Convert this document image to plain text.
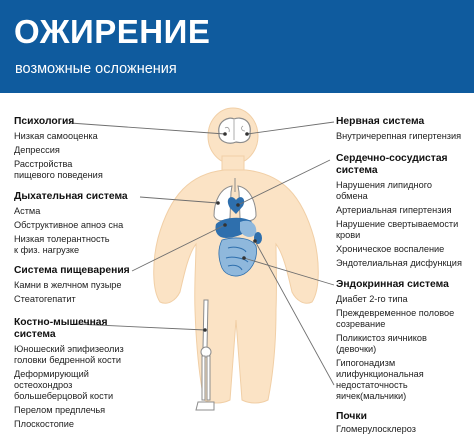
ОЖИРЕНИЕ
возможные осложнения
Психология
Низкая самооценка
Депрессия
Расстройства
пищевого поведения
Дыхательная система
Астма
Обструктивное апноэ сна
Низкая толерантность
к физ. нагрузке
Система пищеварения
Камни в желчном пузыре
Стеатогепатит
Костно-мышечная
система
Юношеский эпифизеолиз
головки бедренной кости
Деформирующий
остеохондроз
большеберцовой кости
Перелом предплечья
Плоскостопие
Нервная система
Внутричерепная гипертензия
Сердечно-сосудистая
система
Нарушения липидного
обмена
Артериальная гипертензия
Нарушение свертываемости
крови
Хроническое воспаление
Эндотелиальная дисфункция
Эндокринная система
Диабет 2-го типа
Преждевременное половое
созревание
Поликистоз яичников
(девочки)
Гипогонадизм
илифункциональная
недостаточность
яичек(мальчики)
Почки
Гломерулосклероз
